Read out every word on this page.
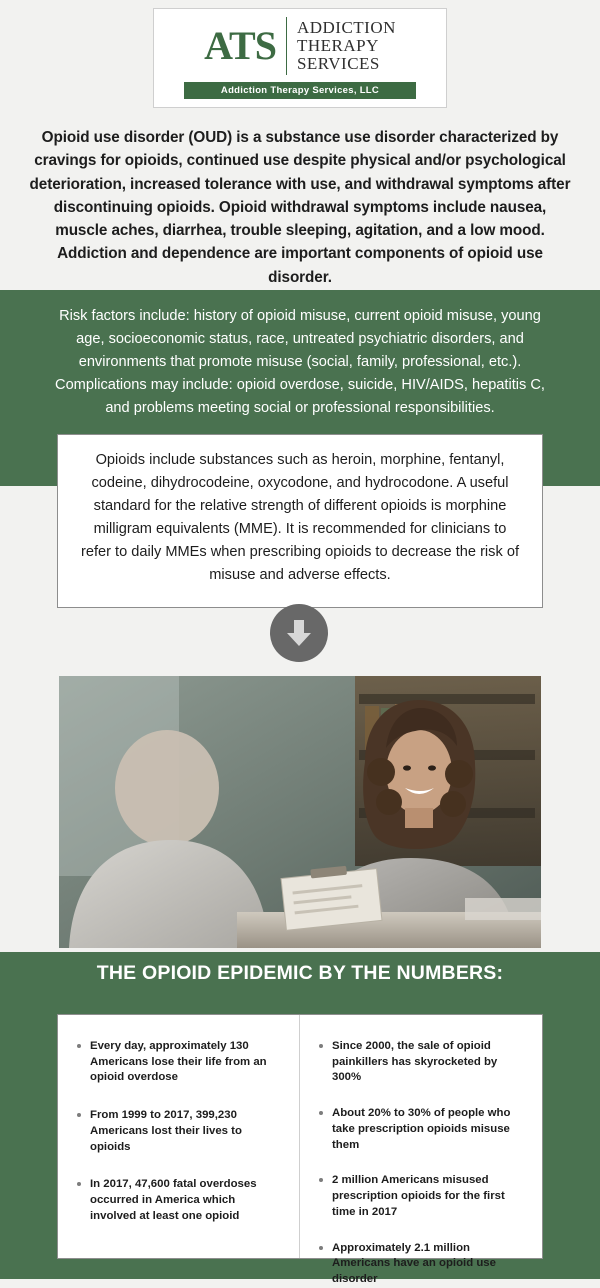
ATS	ADDICTION
THERAPY
SERVICES
Addiction Therapy Services, LLC
Opioid use disorder (OUD) is a substance use disorder characterized by cravings for opioids, continued use despite physical and/or psychological deterioration, increased tolerance with use, and withdrawal symptoms after discontinuing opioids. Opioid withdrawal symptoms include nausea, muscle aches, diarrhea, trouble sleeping, agitation, and a low mood. Addiction and dependence are important components of opioid use disorder.
Risk factors include: history of opioid misuse, current opioid misuse, young age, socioeconomic status, race, untreated psychiatric disorders, and environments that promote misuse (social, family, professional, etc.). Complications may include: opioid overdose, suicide, HIV/AIDS, hepatitis C, and problems meeting social or professional responsibilities.

Opioids include substances such as heroin, morphine, fentanyl, codeine, dihydrocodeine, oxycodone, and hydrocodone. A useful standard for the relative strength of different opioids is morphine milligram equivalents (MME). It is recommended for clinicians to refer to daily MMEs when prescribing opioids to decrease the risk of misuse and adverse effects.

THE OPIOID EPIDEMIC BY THE NUMBERS:
Every day, approximately 130 Americans lose their life from an opioid overdose
From 1999 to 2017, 399,230 Americans lost their lives to opioids
In 2017, 47,600 fatal overdoses occurred in America which involved at least one opioid
Since 2000, the sale of opioid painkillers has skyrocketed by 300%
About 20% to 30% of people who take prescription opioids misuse them
2 million Americans misused prescription opioids for the first time in 2017
Approximately 2.1 million Americans have an opioid use disorder
